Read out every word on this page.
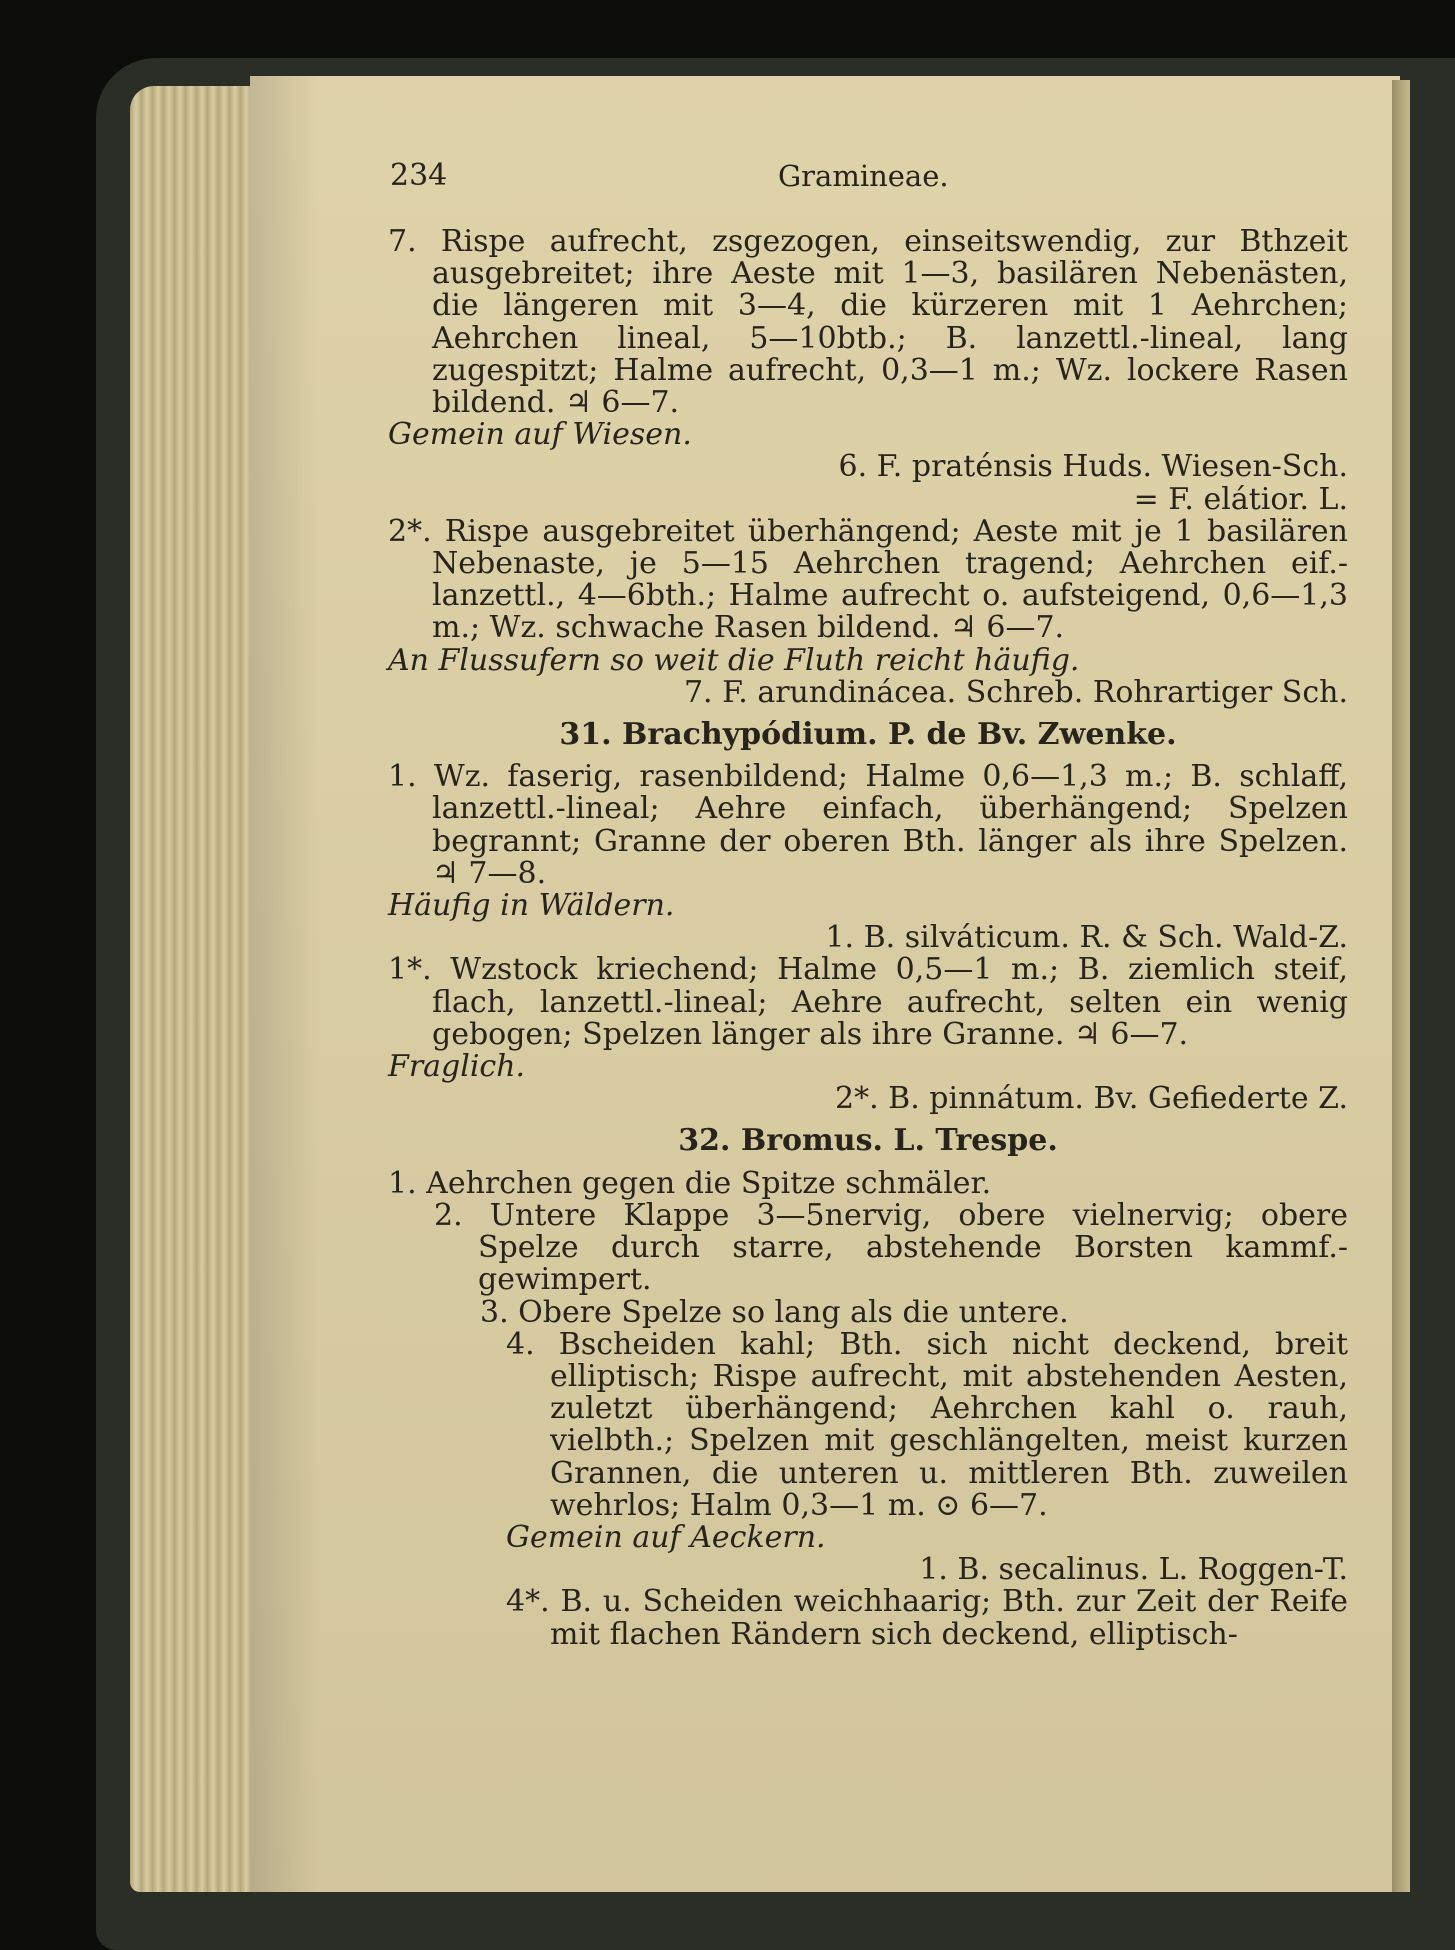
234	Gramineae.

7. Rispe aufrecht, zsgezogen, einseitswendig, zur Bthzeit ausgebreitet; ihre Aeste mit 1—3, basilären Nebenästen, die längeren mit 3—4, die kürzeren mit 1 Aehrchen; Aehrchen lineal, 5—10btb.; B. lanzettl.-lineal, lang zugespitzt; Halme aufrecht, 0,3—1 m.; Wz. lockere Rasen bildend. ♃ 6—7.

Gemein auf Wiesen.

6. F. praténsis Huds. Wiesen-Sch.

= F. elátior. L.

2*. Rispe ausgebreitet überhängend; Aeste mit je 1 basilären Nebenaste, je 5—15 Aehrchen tragend; Aehrchen eif.-lanzettl., 4—6bth.; Halme aufrecht o. aufsteigend, 0,6—1,3 m.; Wz. schwache Rasen bildend. ♃ 6—7.

An Flussufern so weit die Fluth reicht häufig.

7. F. arundinácea. Schreb. Rohrartiger Sch.

31. Brachypódium. P. de Bv. Zwenke.

1. Wz. faserig, rasenbildend; Halme 0,6—1,3 m.; B. schlaff, lanzettl.-lineal; Aehre einfach, überhängend; Spelzen begrannt; Granne der oberen Bth. länger als ihre Spelzen. ♃ 7—8.

Häufig in Wäldern.

1. B. silváticum. R. & Sch. Wald-Z.

1*. Wzstock kriechend; Halme 0,5—1 m.; B. ziemlich steif, flach, lanzettl.-lineal; Aehre aufrecht, selten ein wenig gebogen; Spelzen länger als ihre Granne. ♃ 6—7.

Fraglich.

2*. B. pinnátum. Bv. Gefiederte Z.

32. Bromus. L. Trespe.

1. Aehrchen gegen die Spitze schmäler.

2. Untere Klappe 3—5nervig, obere vielnervig; obere Spelze durch starre, abstehende Borsten kammf.-gewimpert.

3. Obere Spelze so lang als die untere.

4. Bscheiden kahl; Bth. sich nicht deckend, breit elliptisch; Rispe aufrecht, mit abstehenden Aesten, zuletzt überhängend; Aehrchen kahl o. rauh, vielbth.; Spelzen mit geschlängelten, meist kurzen Grannen, die unteren u. mittleren Bth. zuweilen wehrlos; Halm 0,3—1 m. ⊙ 6—7.

Gemein auf Aeckern.

1. B. secalinus. L. Roggen-T.

4*. B. u. Scheiden weichhaarig; Bth. zur Zeit der Reife mit flachen Rändern sich deckend, elliptisch-
